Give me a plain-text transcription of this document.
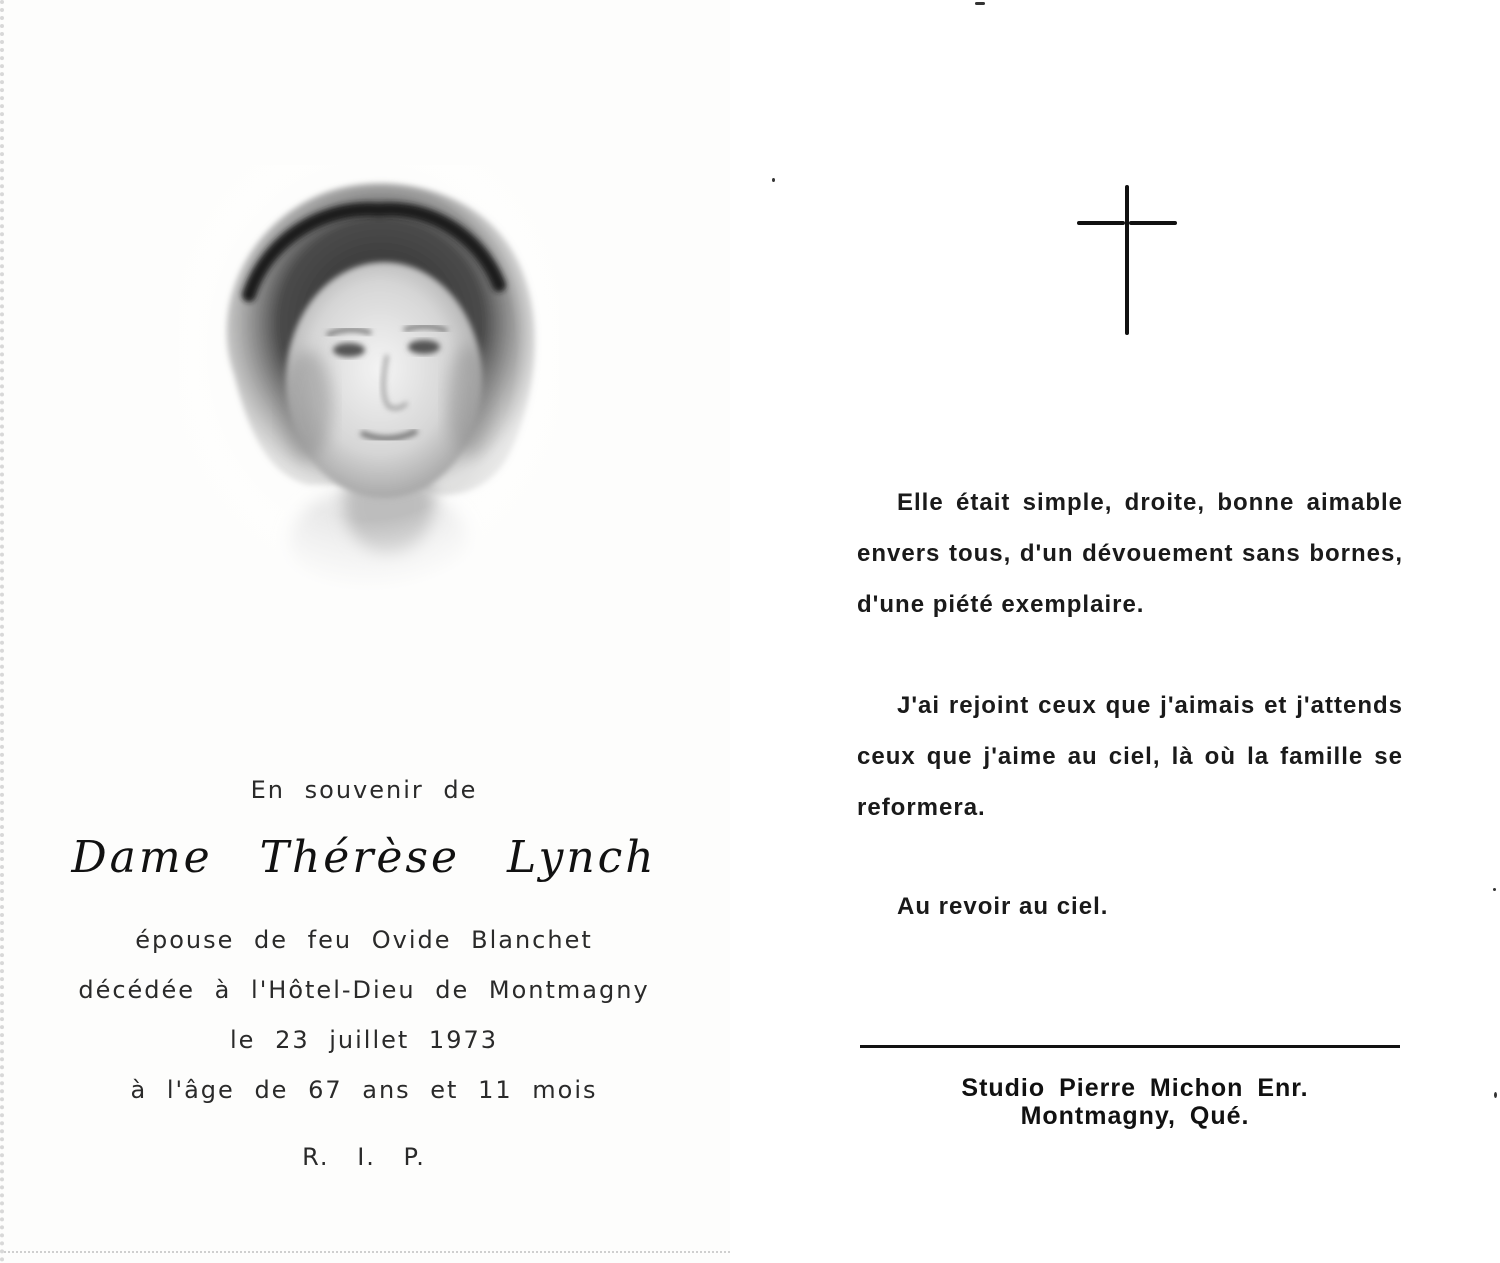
En souvenir de
Dame Thérèse Lynch
épouse de feu Ovide Blanchet
décédée à l'Hôtel-Dieu de Montmagny
le 23 juillet 1973
à l'âge de 67 ans et 11 mois
R. I. P.
Elle était simple, droite, bonne aimable envers tous, d'un dévouement sans bornes, d'une piété exemplaire.
J'ai rejoint ceux que j'aimais et j'attends ceux que j'aime au ciel, là où la famille se reformera.
Au revoir au ciel.
Studio Pierre Michon Enr.
Montmagny, Qué.
